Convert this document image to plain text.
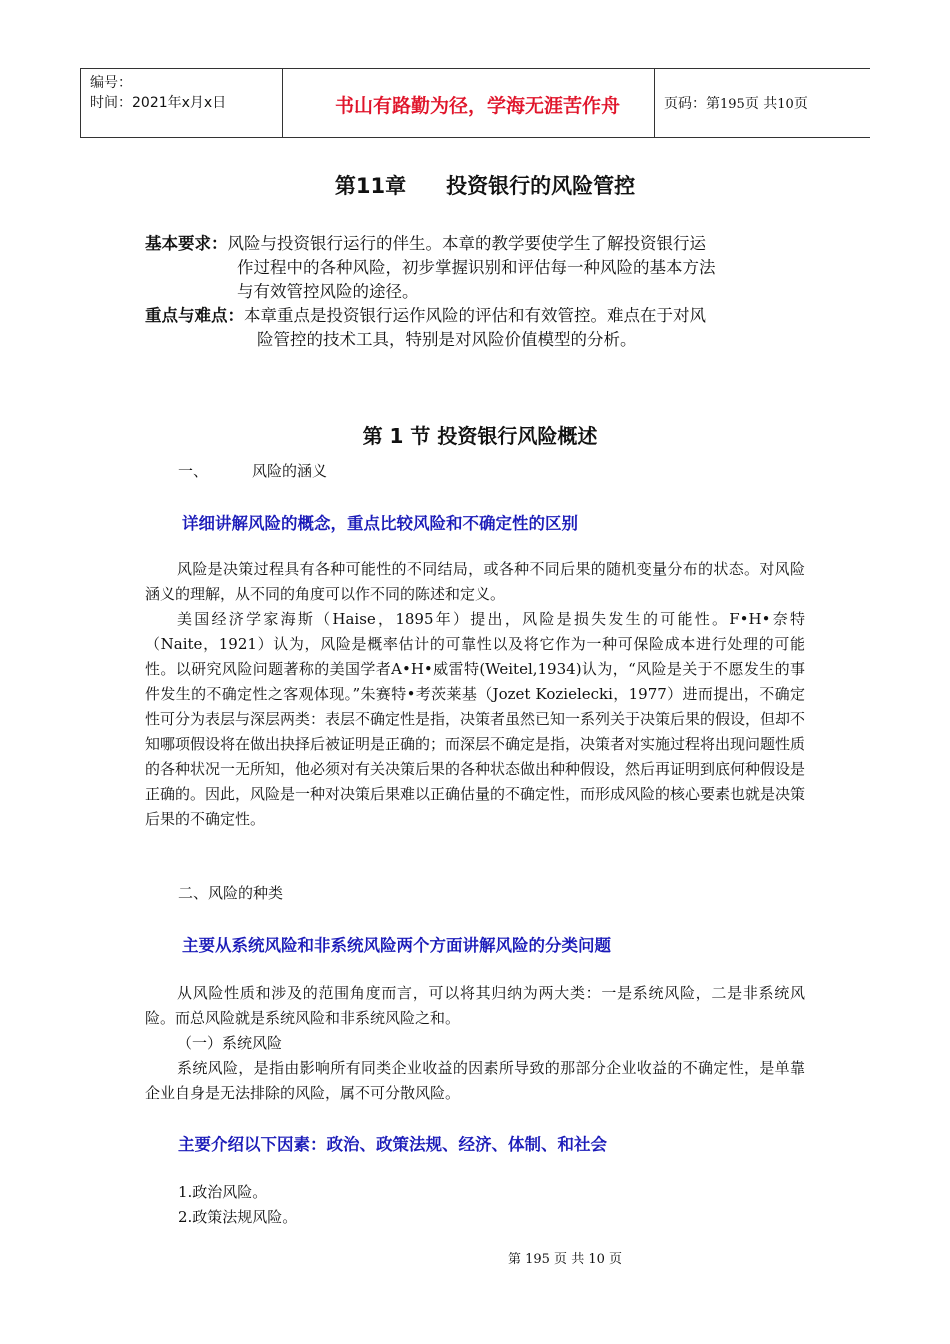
编号：
时间：2021年x月x日	书山有路勤为径，学海无涯苦作舟	页码：第195页 共10页
第11章 投资银行的风险管控
基本要求：风险与投资银行运行的伴生。本章的教学要使学生了解投资银行运
作过程中的各种风险，初步掌握识别和评估每一种风险的基本方法
与有效管控风险的途径。
重点与难点：本章重点是投资银行运作风险的评估和有效管控。难点在于对风
险管控的技术工具，特别是对风险价值模型的分析。
第 1 节 投资银行风险概述
一、	风险的涵义
详细讲解风险的概念，重点比较风险和不确定性的区别

风险是决策过程具有各种可能性的不同结局，或各种不同后果的随机变量分布的状态。对风险涵义的理解，从不同的角度可以作不同的陈述和定义。

美国经济学家海斯（Haise，1895年）提出，风险是损失发生的可能性。F•H•奈特（Naite，1921）认为，风险是概率估计的可靠性以及将它作为一种可保险成本进行处理的可能性。以研究风险问题著称的美国学者A•H•威雷特(Weitel,1934)认为，“风险是关于不愿发生的事件发生的不确定性之客观体现。”朱赛特•考茨莱基（Jozet Kozielecki，1977）进而提出，不确定性可分为表层与深层两类：表层不确定性是指，决策者虽然已知一系列关于决策后果的假设，但却不知哪项假设将在做出抉择后被证明是正确的；而深层不确定是指，决策者对实施过程将出现问题性质的各种状况一无所知，他必须对有关决策后果的各种状态做出种种假设，然后再证明到底何种假设是正确的。因此，风险是一种对决策后果难以正确估量的不确定性，而形成风险的核心要素也就是决策后果的不确定性。

二、风险的种类
主要从系统风险和非系统风险两个方面讲解风险的分类问题

从风险性质和涉及的范围角度而言，可以将其归纳为两大类：一是系统风险，二是非系统风险。而总风险就是系统风险和非系统风险之和。

（一）系统风险

系统风险，是指由影响所有同类企业收益的因素所导致的那部分企业收益的不确定性，是单靠企业自身是无法排除的风险，属不可分散风险。

主要介绍以下因素：政治、政策法规、经济、体制、和社会
1.政治风险。
2.政策法规风险。
第 195 页 共 10 页
